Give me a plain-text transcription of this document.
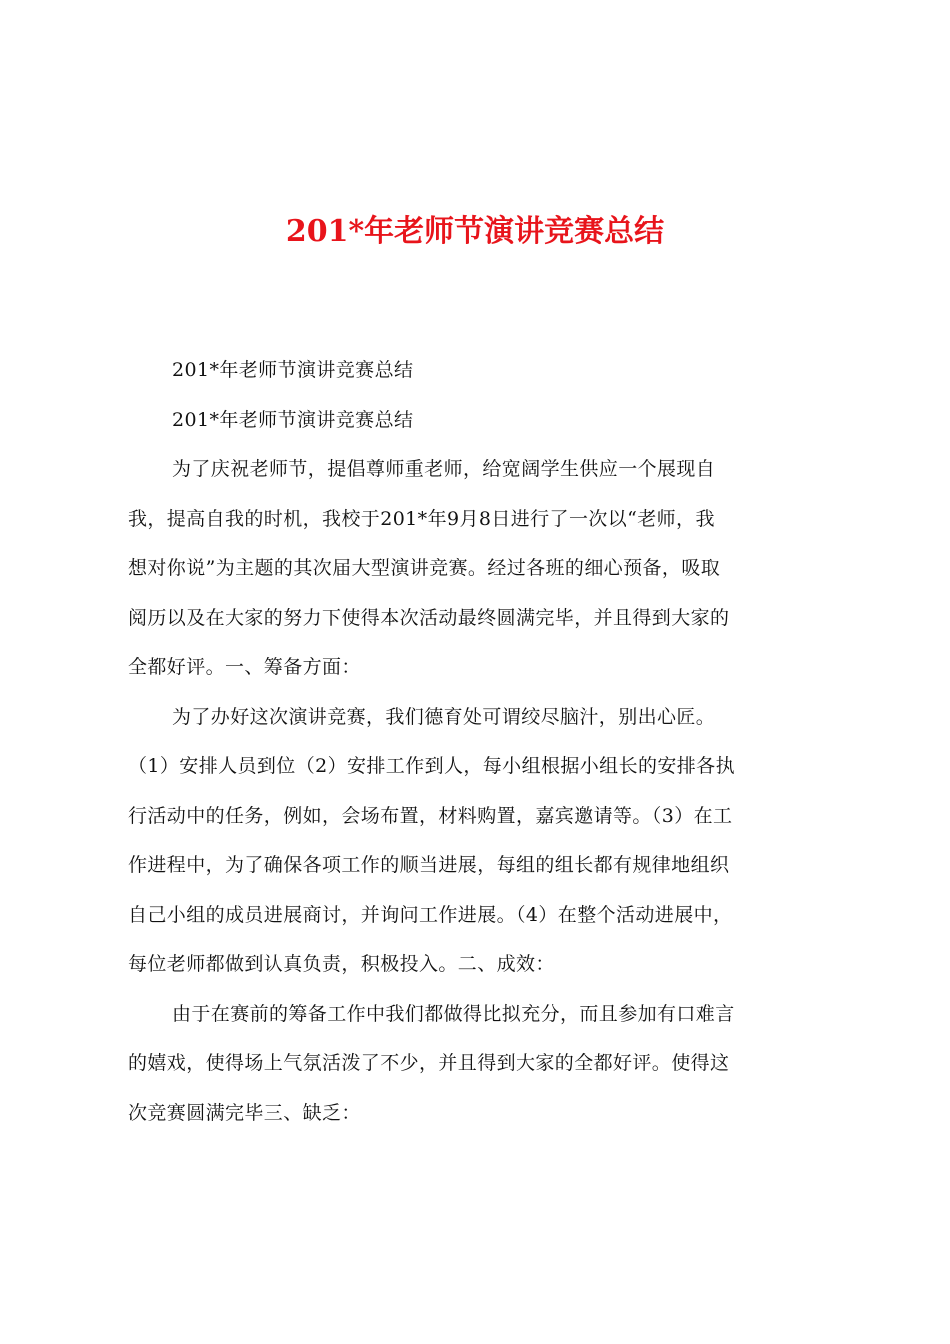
201*年老师节演讲竞赛总结

201*年老师节演讲竞赛总结

201*年老师节演讲竞赛总结

为了庆祝老师节，提倡尊师重老师，给宽阔学生供应一个展现自

我，提高自我的时机，我校于201*年9月8日进行了一次以“老师，我

想对你说”为主题的其次届大型演讲竞赛。经过各班的细心预备，吸取

阅历以及在大家的努力下使得本次活动最终圆满完毕，并且得到大家的

全都好评。一、筹备方面：

为了办好这次演讲竞赛，我们德育处可谓绞尽脑汁，别出心匠。

（1）安排人员到位（2）安排工作到人，每小组根据小组长的安排各执

行活动中的任务，例如，会场布置，材料购置，嘉宾邀请等。（3）在工

作进程中，为了确保各项工作的顺当进展，每组的组长都有规律地组织

自己小组的成员进展商讨，并询问工作进展。（4）在整个活动进展中，

每位老师都做到认真负责，积极投入。二、成效：

由于在赛前的筹备工作中我们都做得比拟充分，而且参加有口难言

的嬉戏，使得场上气氛活泼了不少，并且得到大家的全都好评。使得这

次竞赛圆满完毕三、缺乏：
